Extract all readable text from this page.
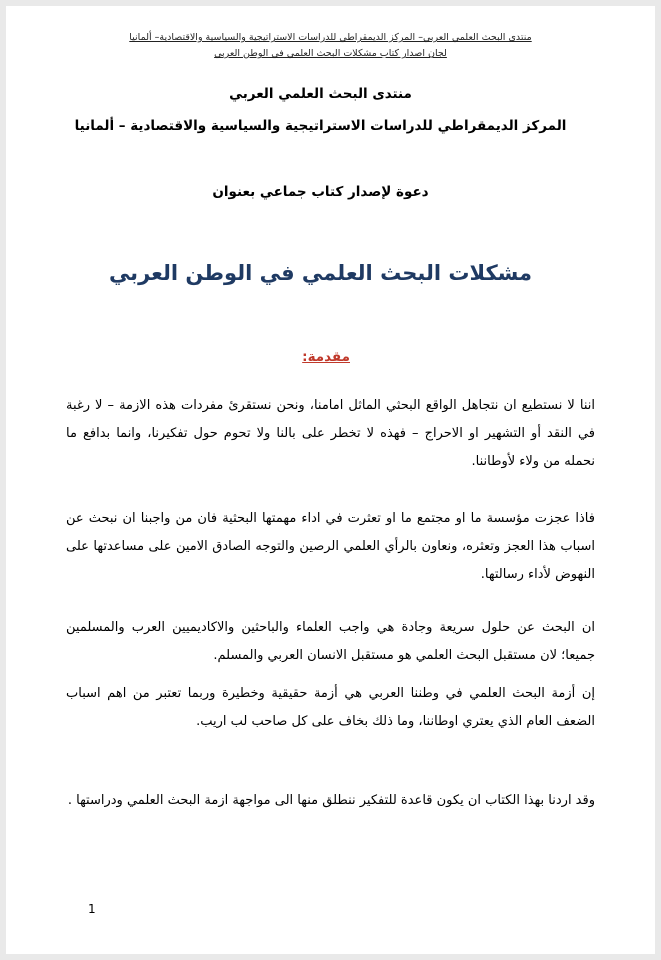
منتدى البحث العلمي العربي– المركز الديمقراطي للدراسات الاستراتيجية والسياسية والاقتصادية– ألمانيا
لجان اصدار كتاب مشكلات البحث العلمي في الوطن العربي
منتدى البحث العلمي العربي
المركز الديمقراطي للدراسات الاستراتيجية والسياسية والاقتصادية – ألمانيا
دعوة لإصدار كتاب جماعي بعنوان
مشكلات البحث العلمي في الوطن العربي
مقدمة:

اننا لا نستطيع ان نتجاهل الواقع البحثي الماثل امامنا، ونحن نستقرئ مفردات هذه الازمة – لا رغبة في النقد أو التشهير او الاحراج – فهذه لا تخطر على بالنا ولا تحوم حول تفكيرنا، وانما بدافع ما نحمله من ولاء لأوطاننا.

فاذا عجزت مؤسسة ما او مجتمع ما او تعثرت في اداء مهمتها البحثية فان من واجبنا ان نبحث عن اسباب هذا العجز وتعثره، ونعاون بالرأي العلمي الرصين والتوجه الصادق الامين على مساعدتها على النهوض لأداء رسالتها.

ان البحث عن حلول سريعة وجادة هي واجب العلماء والباحثين والاكاديميين العرب والمسلمين جميعا؛ لان مستقبل البحث العلمي هو مستقبل الانسان العربي والمسلم.

إن أزمة البحث العلمي في وطننا العربي هي أزمة حقيقية وخطيرة وربما تعتبر من اهم اسباب الضعف العام الذي يعتري اوطاننا، وما ذلك بخاف على كل صاحب لب اريب.

وقد اردنا بهذا الكتاب ان يكون قاعدة للتفكير ننطلق منها الى مواجهة ازمة البحث العلمي ودراستها .

1
